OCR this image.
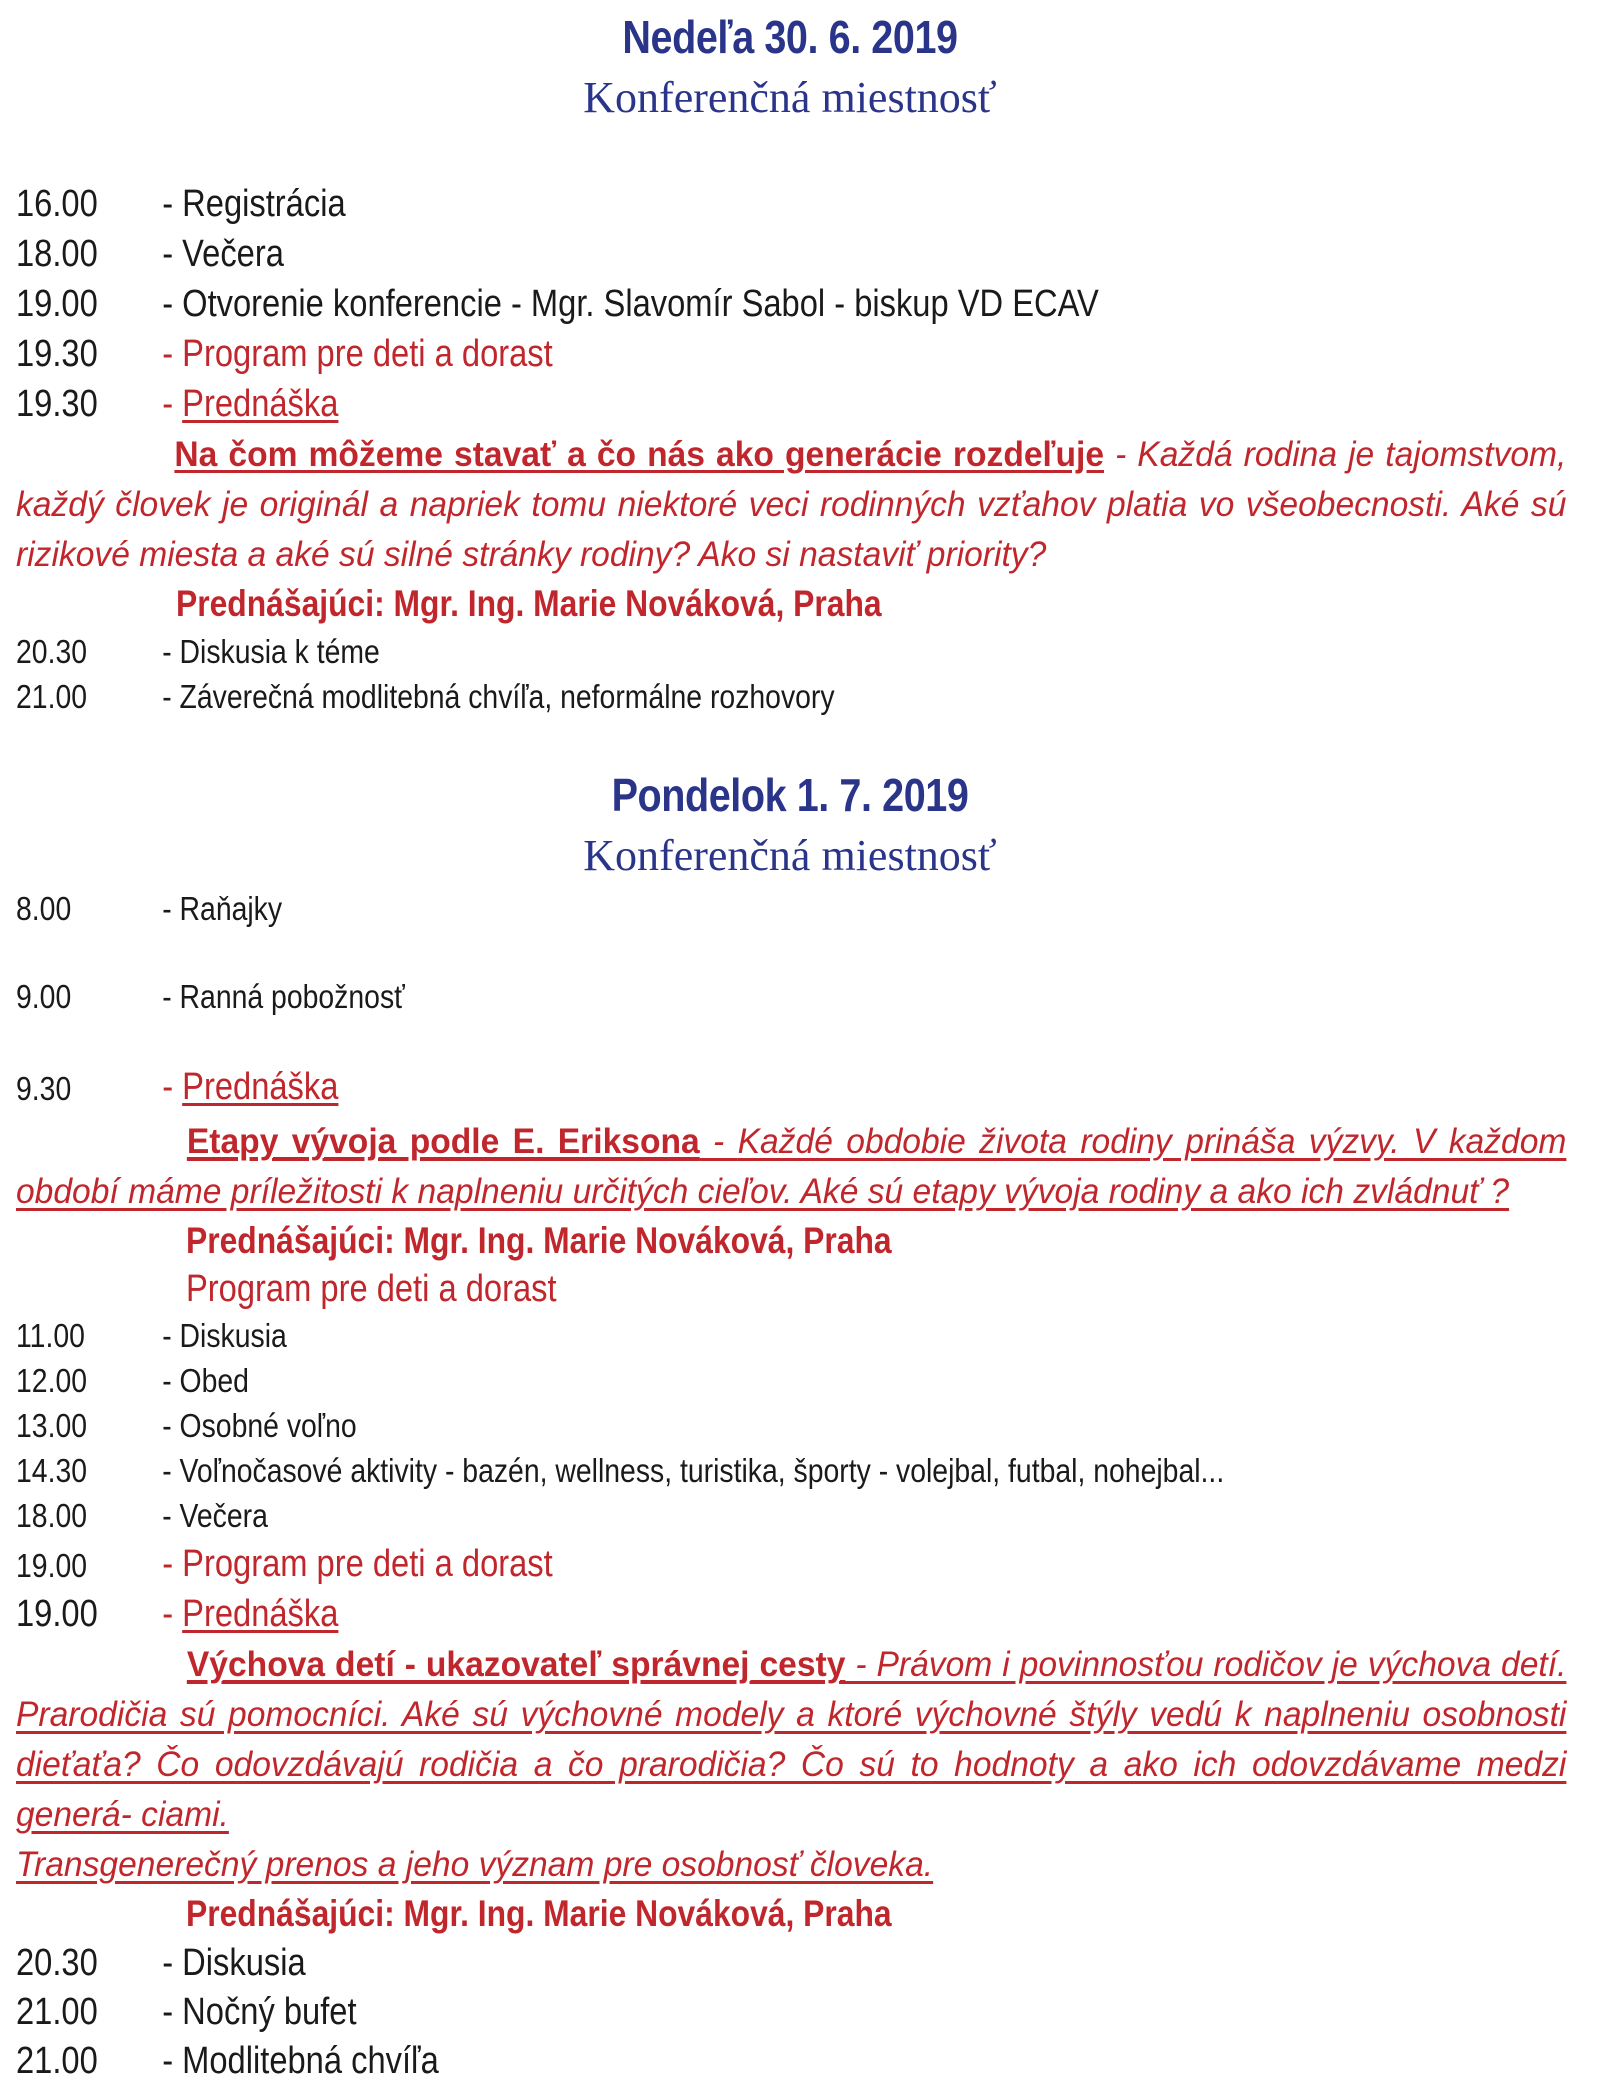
Nedeľa 30. 6. 2019
Konferenčná miestnosť
16.00 - Registrácia
18.00 - Večera
19.00 - Otvorenie konferencie - Mgr. Slavomír Sabol - biskup VD ECAV
19.30 - Program pre deti a dorast
19.30 - Prednáška
Na čom môžeme stavať a čo nás ako generácie rozdeľuje - Každá rodina je tajomstvom, každý človek je originál a napriek tomu niektoré veci rodinných vzťahov platia vo všeobecnosti. Aké sú rizikové miesta a aké sú silné stránky rodiny? Ako si nastaviť priority?
Prednášajúci: Mgr. Ing. Marie Nováková, Praha
20.30 - Diskusia k téme
21.00 - Záverečná modlitebná chvíľa, neformálne rozhovory
Pondelok 1. 7. 2019
Konferenčná miestnosť
8.00	- Raňajky
9.00	- Ranná pobožnosť
9.30 - Prednáška
Etapy vývoja podle E. Eriksona - Každé obdobie života rodiny prináša výzvy. V každom období máme príležitosti k naplneniu určitých cieľov. Aké sú etapy vývoja rodiny a ako ich zvládnuť ?
Prednášajúci: Mgr. Ing. Marie Nováková, Praha
Program pre deti a dorast
11.00 - Diskusia
12.00 - Obed
13.00 - Osobné voľno
14.30 - Voľnočasové aktivity - bazén, wellness, turistika, športy - volejbal, futbal, nohejbal...
18.00 - Večera
19.00 - Program pre deti a dorast
19.00 - Prednáška
Výchova detí - ukazovateľ správnej cesty - Právom i povinnosťou rodičov je výchova detí. Prarodičia sú pomocníci. Aké sú výchovné modely a ktoré výchovné štýly vedú k naplneniu osobnosti dieťaťa? Čo odovzdávajú rodičia a čo prarodičia? Čo sú to hodnoty a ako ich odovzdávame medzi generá- ciami.
Transgenerečný prenos a jeho význam pre osobnosť človeka.
Prednášajúci: Mgr. Ing. Marie Nováková, Praha
20.30 - Diskusia
21.00 - Nočný bufet
21.00 - Modlitebná chvíľa
